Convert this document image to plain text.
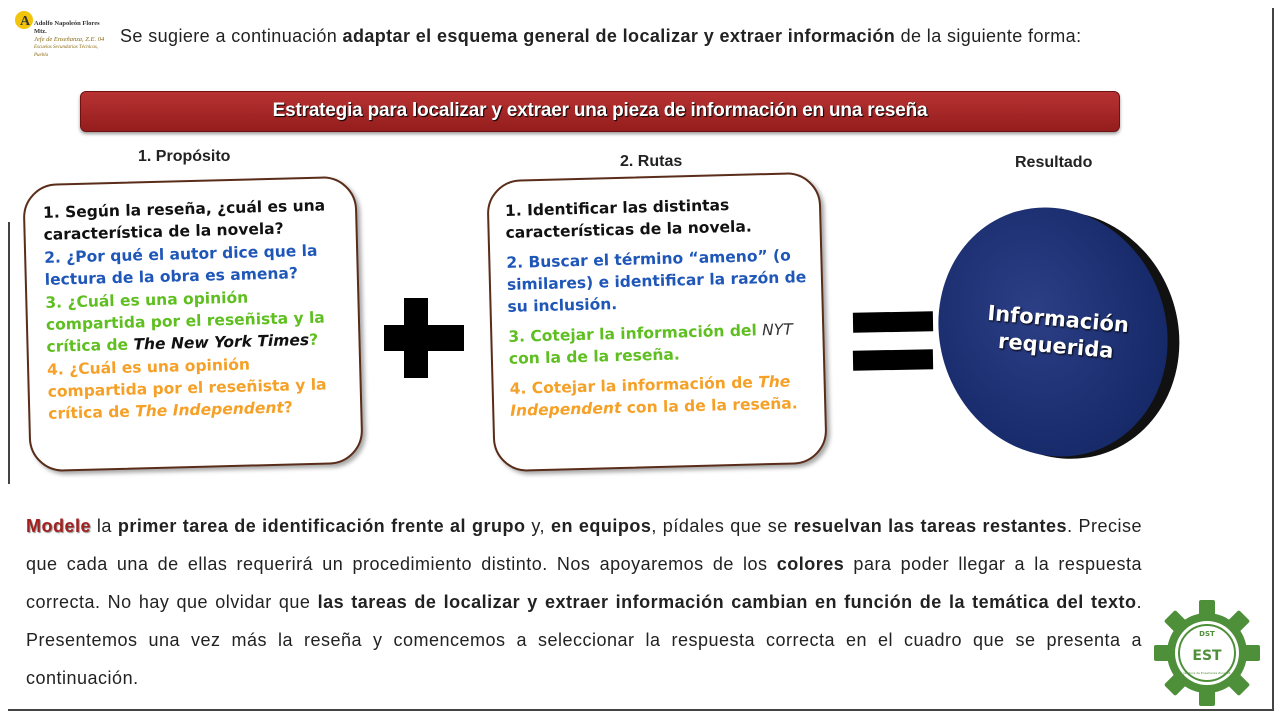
A Adolfo Napoleón Flores Mtz.
Jefe de Enseñanza, Z.E. 04
Escuelas Secundarias Técnicas, Puebla
Se sugiere a continuación adaptar el esquema general de localizar y extraer información de la siguiente forma:
Estrategia para localizar y extraer una pieza de información en una reseña
1. Propósito	2. Rutas	Resultado

1. Según la reseña, ¿cuál es una característica de la novela?

2. ¿Por qué el autor dice que la lectura de la obra es amena?

3. ¿Cuál es una opinión compartida por el reseñista y la crítica de The New York Times?

4. ¿Cuál es una opinión compartida por el reseñista y la crítica de The Independent?

1. Identificar las distintas características de la novela.

2. Buscar el término “ameno” (o similares) e identificar la razón de su inclusión.

3. Cotejar la información del NYT con la de la reseña.

4. Cotejar la información de The Independent con la de la reseña.

Información
requerida
Modele la primer tarea de identificación frente al grupo y, en equipos, pídales que se resuelvan las tareas restantes. Precise que cada una de ellas requerirá un procedimiento distinto. Nos apoyaremos de los colores para poder llegar a la respuesta correcta. No hay que olvidar que las tareas de localizar y extraer información cambian en función de la temática del texto. Presentemos una vez más la reseña y comencemos a seleccionar la respuesta correcta en el cuadro que se presenta a continuación.
DST
EST
Jefatura de Enseñanza Zona 04
